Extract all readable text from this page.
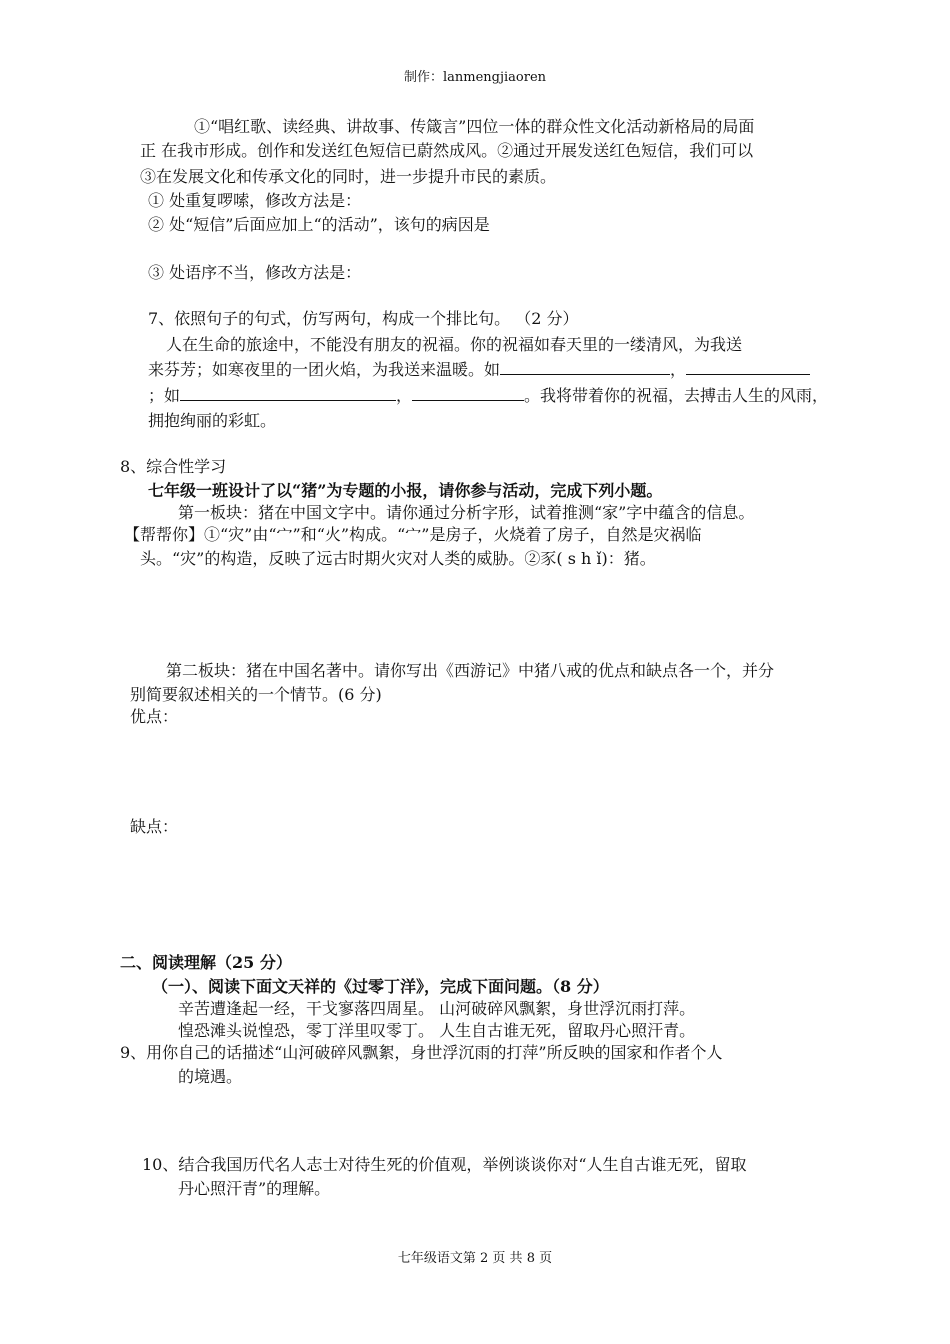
制作：lanmengjiaoren
①“唱红歌、读经典、讲故事、传箴言”四位一体的群众性文化活动新格局的局面
正 在我市形成。创作和发送红色短信已蔚然成风。②通过开展发送红色短信，我们可以
③在发展文化和传承文化的同时，进一步提升市民的素质。
① 处重复啰嗦，修改方法是：
② 处“短信”后面应加上“的活动”，该句的病因是
③ 处语序不当，修改方法是：
7、依照句子的句式，仿写两句，构成一个排比句。 （2 分）
人在生命的旅途中，不能没有朋友的祝福。你的祝福如春天里的一缕清风，为我送
来芬芳；如寒夜里的一团火焰，为我送来温暖。如	，
；如	，	。我将带着你的祝福，去搏击人生的风雨，
拥抱绚丽的彩虹。
8、综合性学习
七年级一班设计了以“猪”为专题的小报，请你参与活动，完成下列小题。
第一板块：猪在中国文字中。请你通过分析字形，试着推测“家”字中蕴含的信息。
【帮帮你】①“灾”由“宀”和“火”构成。“宀”是房子，火烧着了房子，自然是灾祸临
头。“灾”的构造，反映了远古时期火灾对人类的威胁。②豕( s h ǐ)：猪。
第二板块：猪在中国名著中。请你写出《西游记》中猪八戒的优点和缺点各一个，并分
别简要叙述相关的一个情节。(6 分)
优点：
缺点：
二、阅读理解（25 分）
（一）、阅读下面文天祥的《过零丁洋》，完成下面问题。（8 分）
辛苦遭逢起一经，干戈寥落四周星。 山河破碎风飘絮，身世浮沉雨打萍。
惶恐滩头说惶恐，零丁洋里叹零丁。 人生自古谁无死，留取丹心照汗青。
9、用你自己的话描述“山河破碎风飘絮，身世浮沉雨的打萍”所反映的国家和作者个人
的境遇。
10、结合我国历代名人志士对待生死的价值观，举例谈谈你对“人生自古谁无死，留取
丹心照汗青”的理解。
七年级语文第 2 页 共 8 页
